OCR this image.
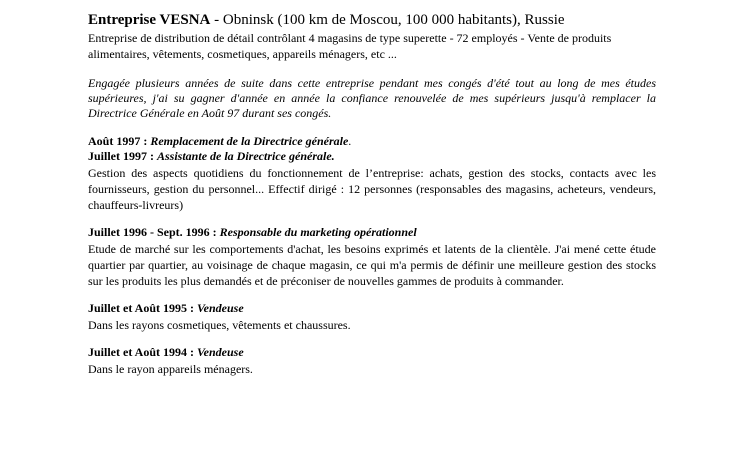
Entreprise VESNA - Obninsk (100 km de Moscou, 100 000 habitants), Russie

Entreprise de distribution de détail contrôlant 4 magasins de type superette - 72 employés - Vente de produits alimentaires, vêtements, cosmetiques, appareils ménagers, etc ...

Engagée plusieurs années de suite dans cette entreprise pendant mes congés d'été tout au long de mes études supérieures, j'ai su gagner d'année en année la confiance renouvelée de mes supérieurs jusqu'à remplacer la Directrice Générale en Août 97 durant ses congés.
Août 1997 : Remplacement de la Directrice générale.
Juillet 1997 : Assistante de la Directrice générale.
Gestion des aspects quotidiens du fonctionnement de l’entreprise: achats, gestion des stocks, contacts avec les fournisseurs, gestion du personnel... Effectif dirigé : 12 personnes (responsables des magasins, acheteurs, vendeurs, chauffeurs-livreurs)
Juillet 1996 - Sept. 1996 : Responsable du marketing opérationnel
Etude de marché sur les comportements d'achat, les besoins exprimés et latents de la clientèle. J'ai mené cette étude quartier par quartier, au voisinage de chaque magasin, ce qui m'a permis de définir une meilleure gestion des stocks sur les produits les plus demandés et de préconiser de nouvelles gammes de produits à commander.
Juillet et Août 1995 : Vendeuse
Dans les rayons cosmetiques, vêtements et chaussures.
Juillet et Août 1994 : Vendeuse
Dans le rayon appareils ménagers.
